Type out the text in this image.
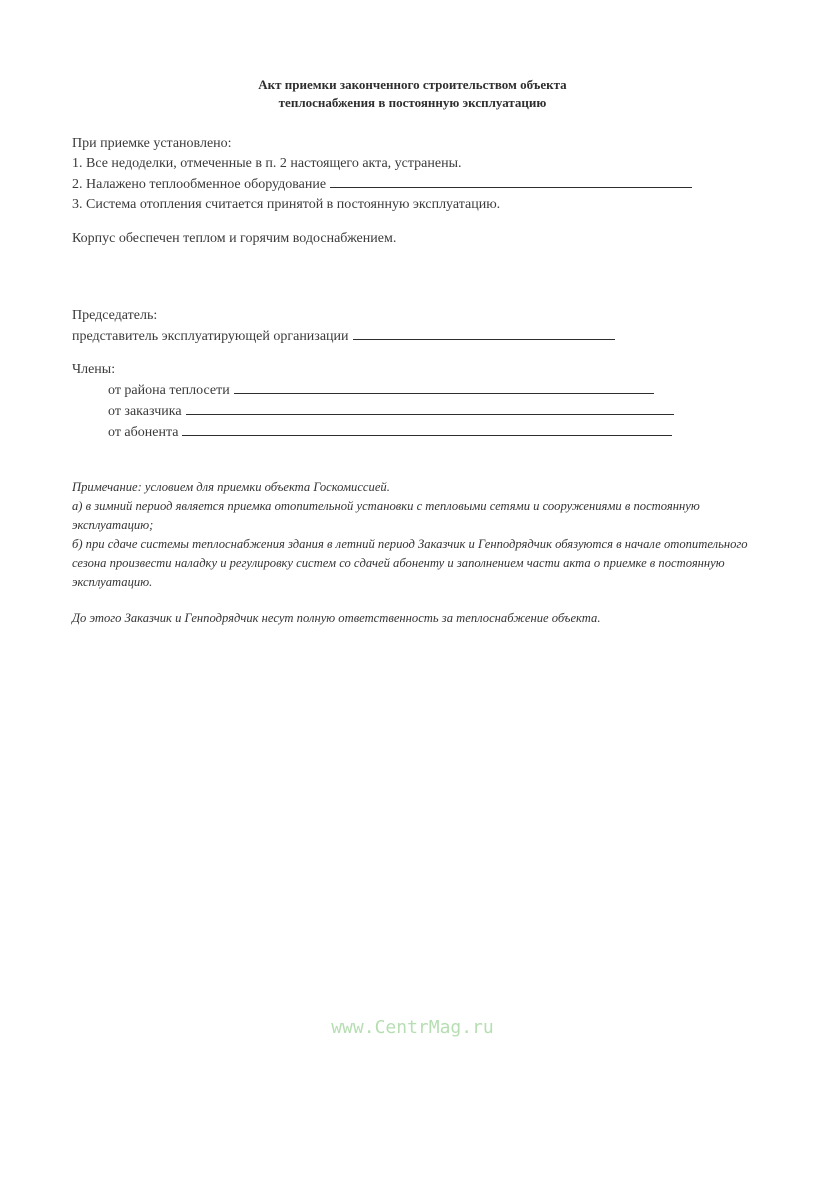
Акт приемки законченного строительством объекта
теплоснабжения в постоянную эксплуатацию
При приемке установлено:
1. Все недоделки, отмеченные в п. 2 настоящего акта, устранены.
2. Налажено теплообменное оборудование
3. Система отопления считается принятой в постоянную эксплуатацию.
Корпус обеспечен теплом и горячим водоснабжением.
Председатель:
представитель эксплуатирующей организации
Члены:
от района теплосети
от заказчика
от абонента

Примечание: условием для приемки объекта Госкомиссией.

а) в зимний период является приемка отопительной установки с тепловыми сетями и сооружениями в постоянную эксплуатацию;

б) при сдаче системы теплоснабжения здания в летний период Заказчик и Генподрядчик обязуются в начале отопительного сезона произвести наладку и регулировку систем со сдачей абоненту и заполнением части акта о приемке в постоянную эксплуатацию.

До этого Заказчик и Генподрядчик несут полную ответственность за теплоснабжение объекта.

www.CentrMag.ru
